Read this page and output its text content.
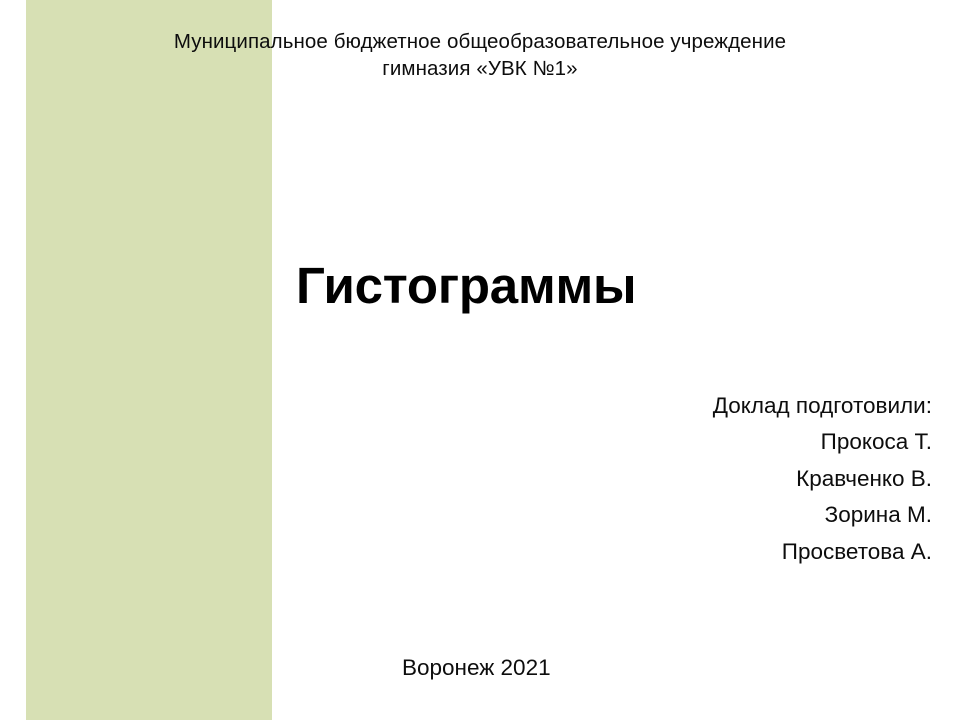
Муниципальное бюджетное общеобразовательное учреждение
гимназия «УВК №1»
Гистограммы
Доклад подготовили:
Прокоса Т.
Кравченко В.
Зорина М.
Просветова А.
Воронеж 2021
